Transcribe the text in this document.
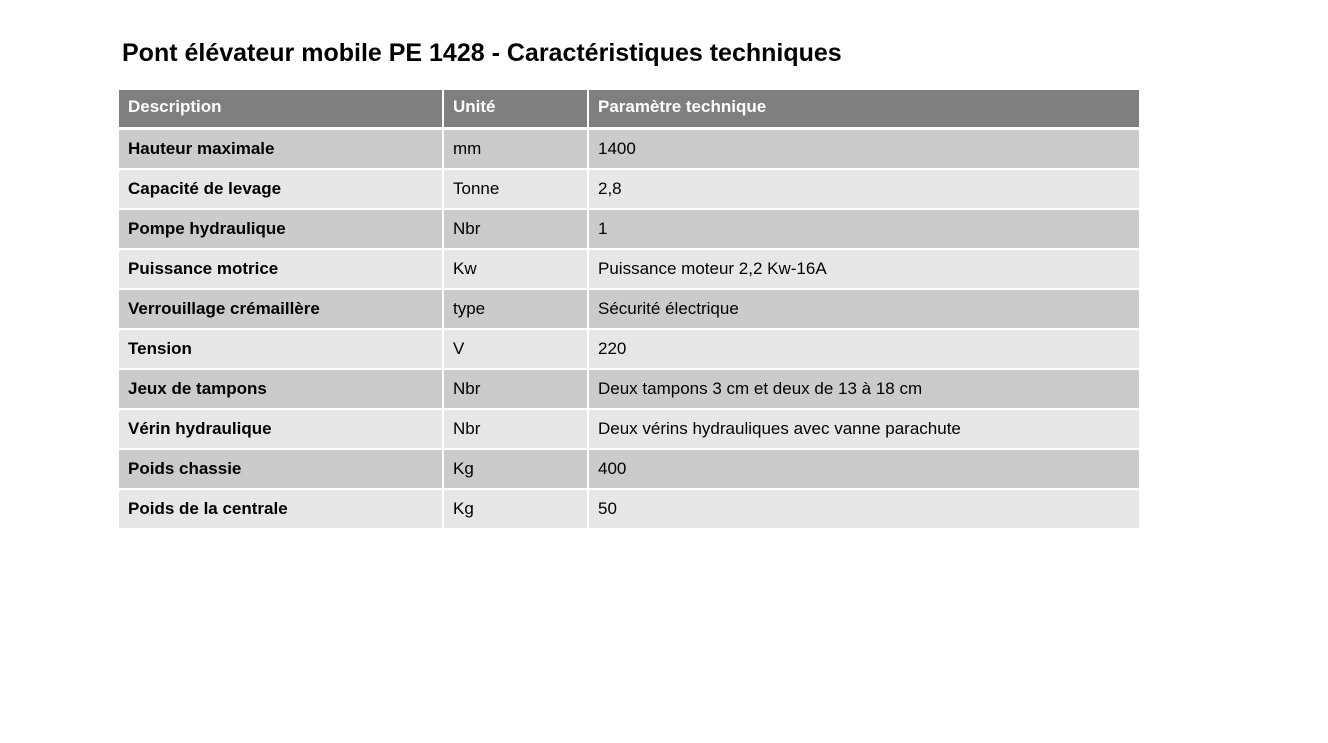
Pont élévateur mobile PE 1428 - Caractéristiques techniques
Description	Unité	Paramètre technique
Hauteur maximale	mm	1400
Capacité de levage	Tonne	2,8
Pompe hydraulique	Nbr	1
Puissance motrice	Kw	Puissance moteur 2,2 Kw-16A
Verrouillage crémaillère	type	Sécurité électrique
Tension	V	220
Jeux de tampons	Nbr	Deux tampons 3 cm et deux de 13 à 18 cm
Vérin hydraulique	Nbr	Deux vérins hydrauliques avec vanne parachute
Poids chassie	Kg	400
Poids de la centrale	Kg	50
